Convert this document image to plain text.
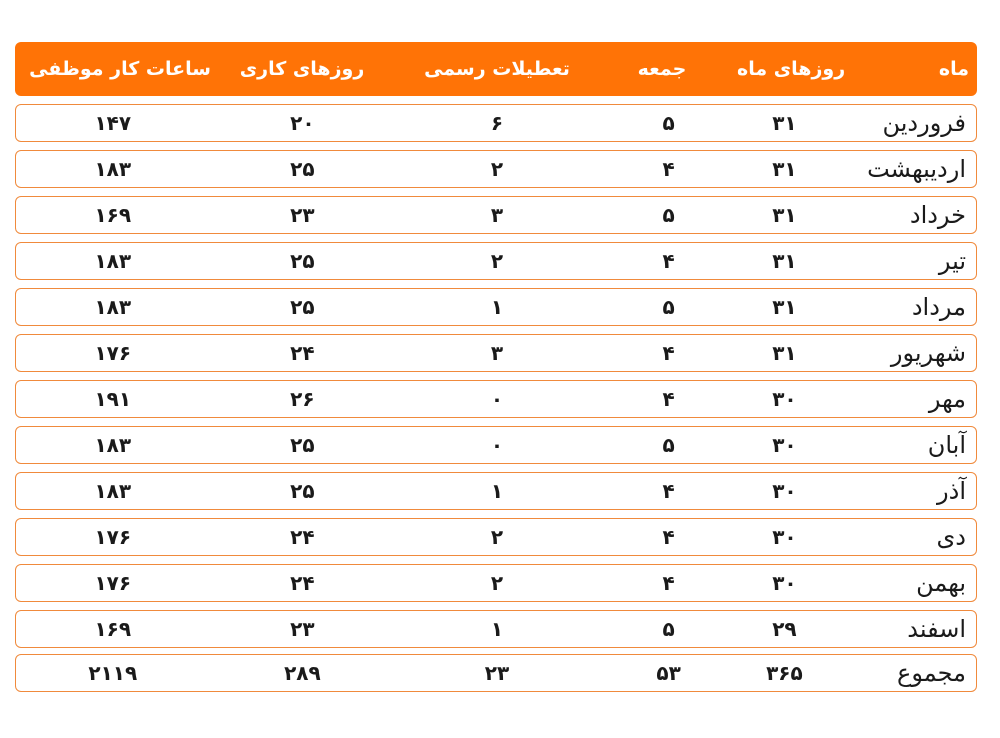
ماه
روزهای ماه
جمعه
تعطیلات رسمی
روزهای کاری
ساعات کار موظفی
فروردین
۳۱
۵
۶
۲۰
۱۴۷
اردیبهشت
۳۱
۴
۲
۲۵
۱۸۳
خرداد
۳۱
۵
۳
۲۳
۱۶۹
تیر
۳۱
۴
۲
۲۵
۱۸۳
مرداد
۳۱
۵
۱
۲۵
۱۸۳
شهریور
۳۱
۴
۳
۲۴
۱۷۶
مهر
۳۰
۴
۰
۲۶
۱۹۱
آبان
۳۰
۵
۰
۲۵
۱۸۳
آذر
۳۰
۴
۱
۲۵
۱۸۳
دی
۳۰
۴
۲
۲۴
۱۷۶
بهمن
۳۰
۴
۲
۲۴
۱۷۶
اسفند
۲۹
۵
۱
۲۳
۱۶۹
مجموع
۳۶۵
۵۳
۲۳
۲۸۹
۲۱۱۹
